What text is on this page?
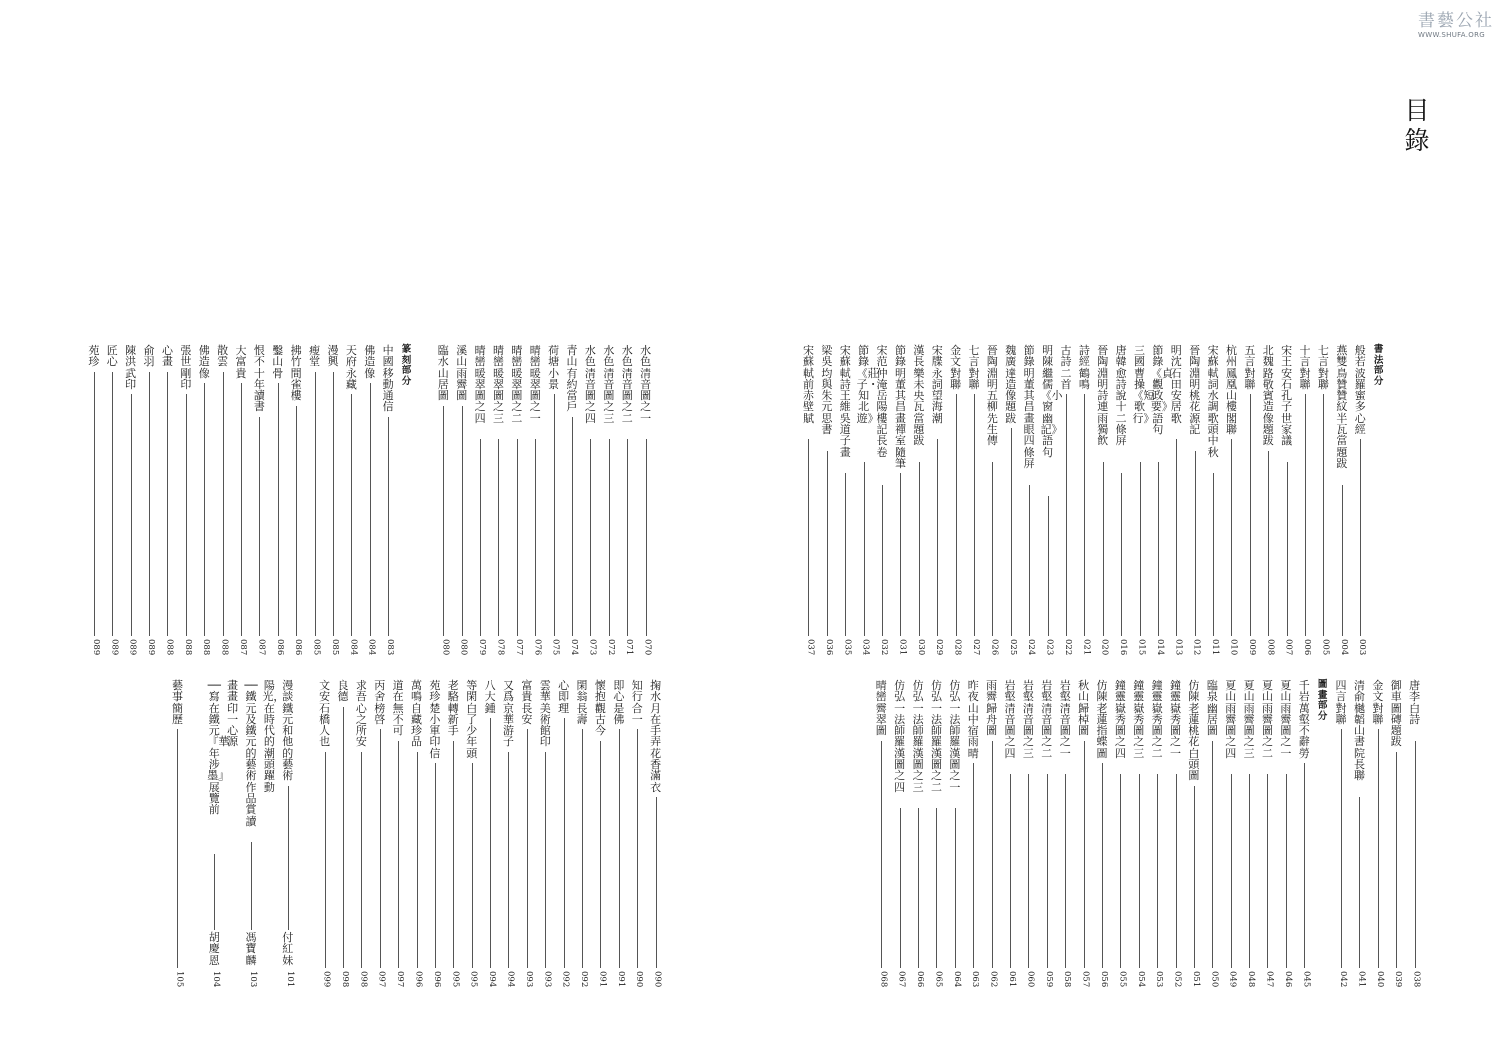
書藝公社
WWW.SHUFA.ORG
目
錄
書法部分
般若波羅蜜多心經
003
燕 雙鳥贊贊紋半瓦當題跋
004
七言對聯
005
十言對聯
006
宋 王安石孔子世家議
007
北魏路敬賓造像題跋
008
五言對聯
009
杭州鳳凰山樓閣聯
010
宋 蘇軾詞水調歌頭中秋
011
晉 陶淵明桃花源記
012
明 沈石田安居歌
013
節錄《貞觀政要》語句
014
三國 曹操《短歌行》
015
唐 韓愈詩說 十二條屏
016
晉 陶淵明詩連雨獨飲
020
詩經鶴鳴
021
古詩二首
022
明 陳繼儒《小窗幽記》語句
023
節錄明董其昌畫眼 四條屏
024
魏廣達造像題跋
025
晉 陶淵明五柳先生傳
026
七言對聯
027
金文對聯
028
宋 牒永詞望海潮
029
漢 長樂未央瓦當題跋
030
節錄明董其昌畫禪室隨筆
031
宋 范仲淹岳陽樓記 長卷
032
節錄《莊子・知北遊》
034
宋 蘇軾詩王維吳道子畫
035
梁 吳均與朱元思書
036
宋 蘇軾前赤壁賦
037
唐 李白詩
038
御車圖磚題跋
039
金文對聯
040
清 俞樾韜山書院長聯
041
四言對聯
042
圖畫部分
千岩萬壑不辭勞
045
夏山雨霽圖 之一
046
夏山雨霽圖 之二
047
夏山雨霽圖 之三
048
夏山雨霽圖 之四
049
臨泉幽居圖
050
仿陳老蓮桃花白頭圖
051
鐘靈嶽秀圖 之一
052
鐘靈嶽秀圖 之二
053
鐘靈嶽秀圖 之三
054
鐘靈嶽秀圖 之四
055
仿陳老蓮指蝶圖
056
秋山歸棹圖
057
岩壑清音圖 之一
058
岩壑清音圖 之二
059
岩壑清音圖 之三
060
岩壑清音圖 之四
061
雨霽歸舟圖
062
昨夜山中宿雨晴
063
仿弘一法師羅漢圖 之一
064
仿弘一法師羅漢圖 之二
065
仿弘一法師羅漢圖 之三
066
仿弘一法師羅漢圖 之四
067
晴巒霽翠圖
068
水色清音圖 之一
070
水色清音圖 之二
071
水色清音圖 之三
072
水色清音圖 之四
073
青山有約當戶
074
荷塘小景
075
晴巒暖翠圖 之一
076
晴巒暖翠圖 之二
077
晴巒暖翠圖 之三
078
晴巒暖翠圖 之四
079
溪山雨霽圖
080
臨水山居圖
080
篆刻部分
中國移動通信
083
佛造像
084
天府永藏
084
漫興
085
瘦堂
085
拂竹間雀樓
086
鑿山骨
086
恨不十年讀書
087
大富貴
087
散雲
088
佛造像
088
張世剛印
088
心畫
088
俞羽
089
陳洪武印
089
匠心
089
苑珍
089
掬水月在手弄花香滿衣
090
知行合一
090
即心是佛
091
懷抱觀古今
091
閑翁長壽
092
心即理
092
雲華美術館印
093
富貴長安
093
又爲京華游子
094
八大鍾
094
等閑白了少年頭
095
老駱轉新手
095
苑珍楚小軍印信
096
萬鳴自藏珍品
096
道在無不可
097
丙舍榜啓
097
求吾心之所安
098
良德
098
文安石橋人也
099
漫談鐵元和他的藝術
付紅妹
101
陽光，在時代的潮頭躍動
──鐵元及鐵元的藝術作品賞讀
馮寶麟
103
畫畫印 一心源
──寫在鐵元『華年涉墨』展覽前
胡慶恩
104
藝事簡歷
105
